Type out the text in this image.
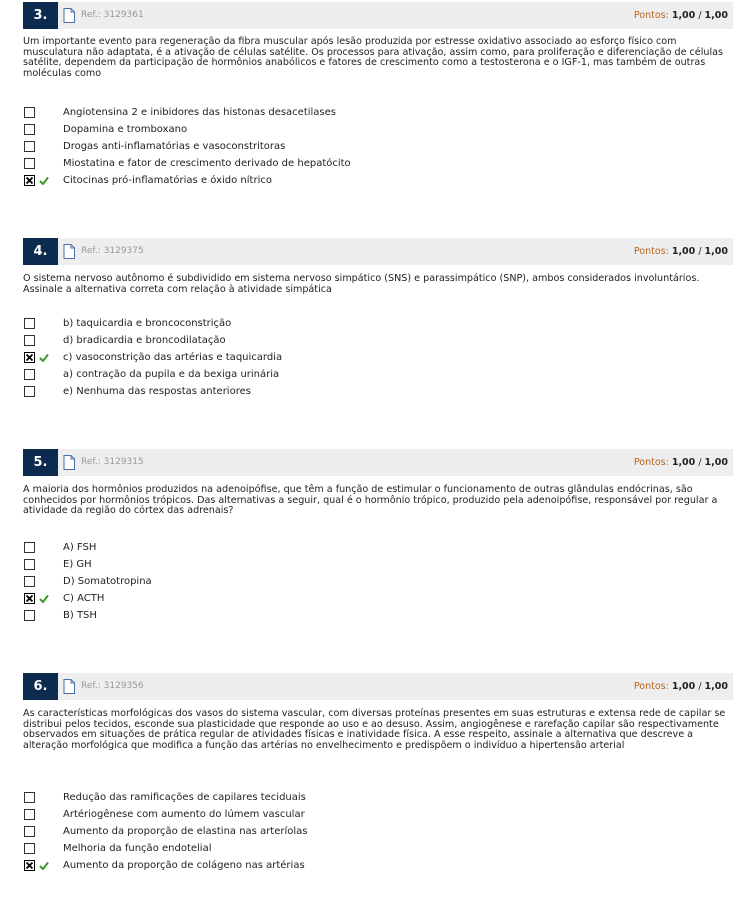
3.	Ref.: 3129361	Pontos: 1,00 / 1,00
Um importante evento para regeneração da fibra muscular após lesão produzida por estresse oxidativo associado ao esforço físico com musculatura não adaptata, é a ativação de células satélite. Os processos para ativação, assim como, para proliferação e diferenciação de células satélite, dependem da participação de hormônios anabólicos e fatores de crescimento como a testosterona e o IGF-1, mas também de outras moléculas como
Angiotensina 2 e inibidores das histonas desacetilases
Dopamina e tromboxano
Drogas anti-inflamatórias e vasoconstritoras
Miostatina e fator de crescimento derivado de hepatócito
Citocinas pró-inflamatórias e óxido nítrico
4.	Ref.: 3129375	Pontos: 1,00 / 1,00
O sistema nervoso autônomo é subdividido em sistema nervoso simpático (SNS) e parassimpático (SNP), ambos considerados involuntários. Assinale a alternativa correta com relação à atividade simpática
b) taquicardia e broncoconstrição
d) bradicardia e broncodilatação
c) vasoconstrição das artérias e taquicardia
a) contração da pupila e da bexiga urinária
e) Nenhuma das respostas anteriores
5.	Ref.: 3129315	Pontos: 1,00 / 1,00
A maioria dos hormônios produzidos na adenoipófise, que têm a função de estimular o funcionamento de outras glândulas endócrinas, são conhecidos por hormônios trópicos. Das alternativas a seguir, qual é o hormônio trópico, produzido pela adenoipófise, responsável por regular a atividade da região do córtex das adrenais?
A) FSH
E) GH
D) Somatotropina
C) ACTH
B) TSH
6.	Ref.: 3129356	Pontos: 1,00 / 1,00
As características morfológicas dos vasos do sistema vascular, com diversas proteínas presentes em suas estruturas e extensa rede de capilar se distribui pelos tecidos, esconde sua plasticidade que responde ao uso e ao desuso. Assim, angiogênese e rarefação capilar são respectivamente observados em situações de prática regular de atividades físicas e inatividade física. A esse respeito, assinale a alternativa que descreve a alteração morfológica que modifica a função das artérias no envelhecimento e predispõem o indivíduo a hipertensão arterial
Redução das ramificações de capilares teciduais
Artériogênese com aumento do lúmem vascular
Aumento da proporção de elastina nas arteríolas
Melhoria da função endotelial
Aumento da proporção de colágeno nas artérias
